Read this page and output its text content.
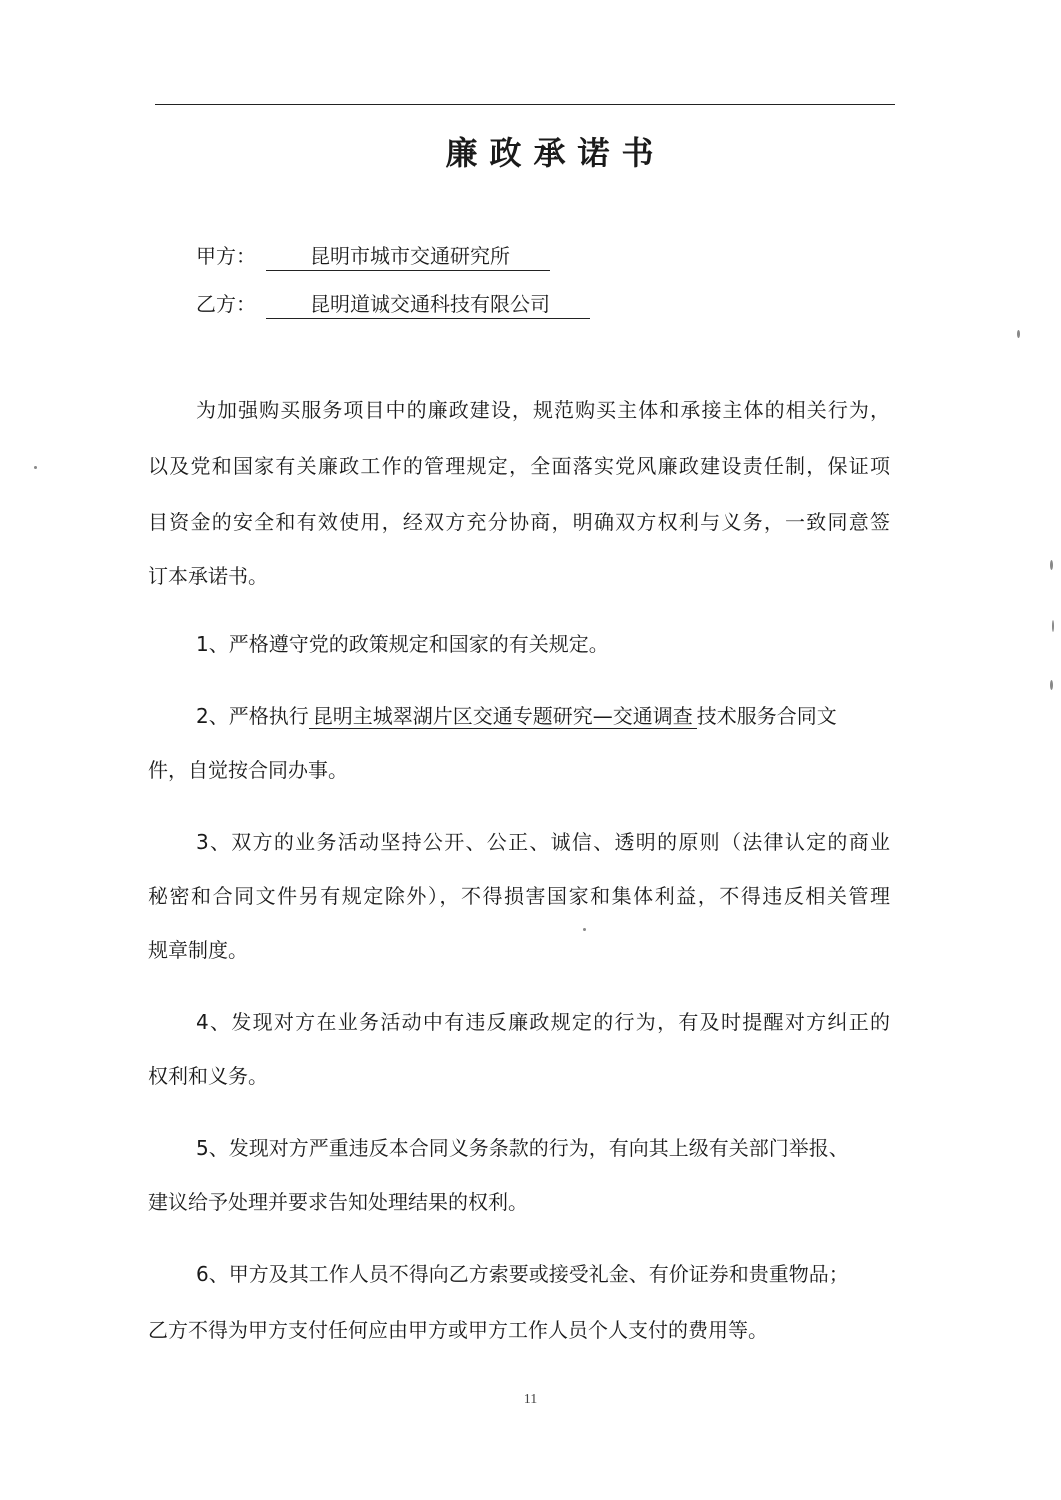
廉政承诺书
甲方：	昆明市城市交通研究所
乙方：	昆明道诚交通科技有限公司
为加强购买服务项目中的廉政建设，规范购买主体和承接主体的相关行为，
以及党和国家有关廉政工作的管理规定，全面落实党风廉政建设责任制，保证项
目资金的安全和有效使用，经双方充分协商，明确双方权利与义务，一致同意签
订本承诺书。
1、严格遵守党的政策规定和国家的有关规定。
2、严格执行 昆明主城翠湖片区交通专题研究—交通调查 技术服务合同文
件，自觉按合同办事。
3、双方的业务活动坚持公开、公正、诚信、透明的原则（法律认定的商业
秘密和合同文件另有规定除外），不得损害国家和集体利益，不得违反相关管理
规章制度。
4、发现对方在业务活动中有违反廉政规定的行为，有及时提醒对方纠正的
权利和义务。
5、发现对方严重违反本合同义务条款的行为，有向其上级有关部门举报、
建议给予处理并要求告知处理结果的权利。
6、甲方及其工作人员不得向乙方索要或接受礼金、有价证券和贵重物品；
乙方不得为甲方支付任何应由甲方或甲方工作人员个人支付的费用等。
11
